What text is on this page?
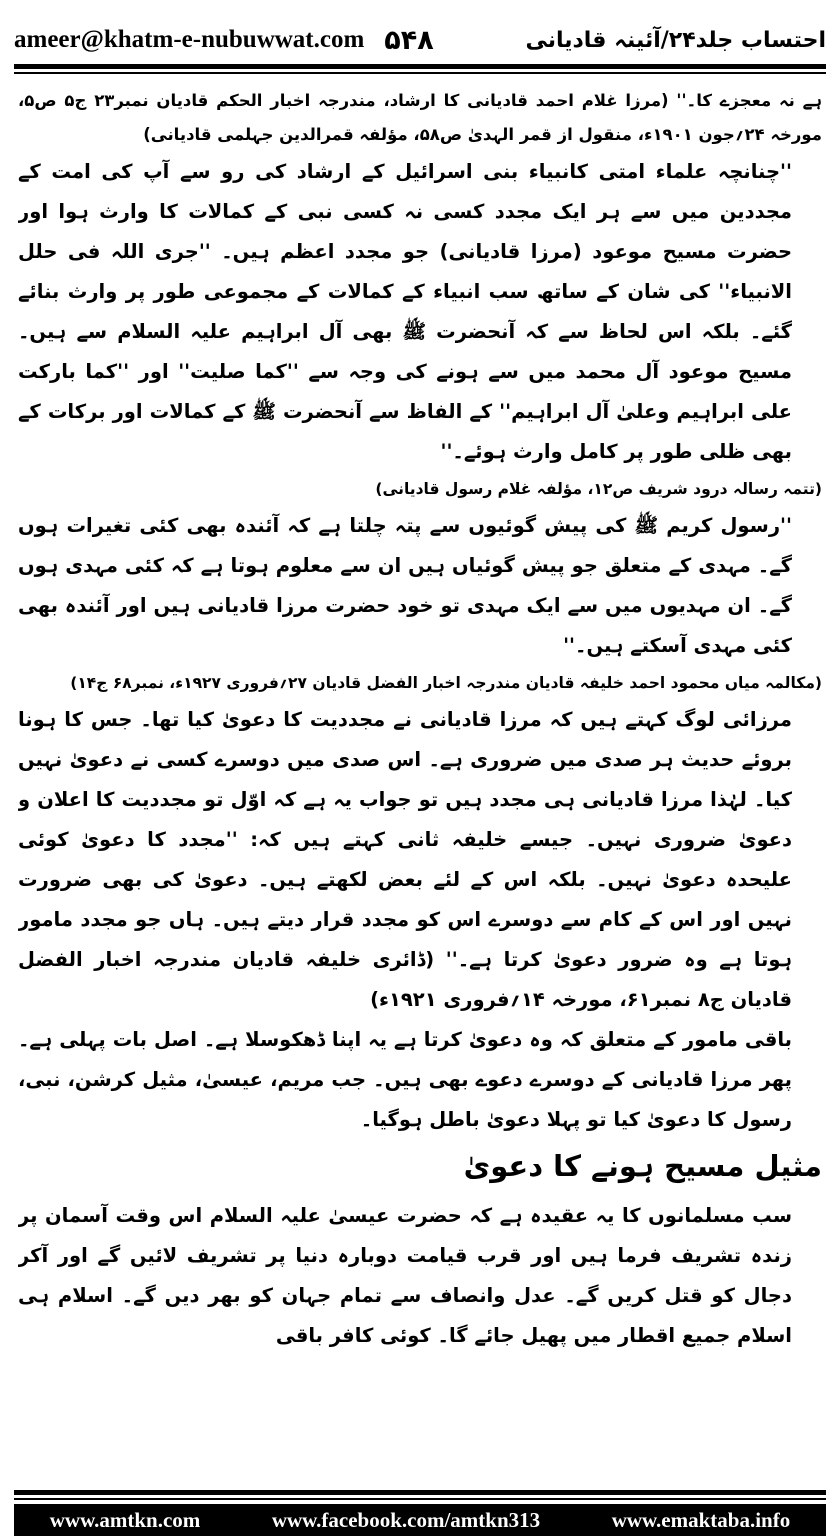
ameer@khatm-e-nubuwwat.com ۵۴۸	احتساب جلد۲۴/آئینہ قادیانی

ہے نہ معجزے کا۔'' (مرزا غلام احمد قادیانی کا ارشاد، مندرجہ اخبار الحکم قادیان نمبر۲۳ ج۵ ص۵، مورخہ ۲۴؍جون ۱۹۰۱ء، منقول از قمر الہدیٰ ص۵۸، مؤلفہ قمرالدین جہلمی قادیانی)

''چنانچہ علماء امتی کانبیاء بنی اسرائیل کے ارشاد کی رو سے آپ کی امت کے مجددین میں سے ہر ایک مجدد کسی نہ کسی نبی کے کمالات کا وارث ہوا اور حضرت مسیح موعود (مرزا قادیانی) جو مجدد اعظم ہیں۔ ''جری اللہ فی حلل الانبیاء'' کی شان کے ساتھ سب انبیاء کے کمالات کے مجموعی طور پر وارث بنائے گئے۔ بلکہ اس لحاظ سے کہ آنحضرت ﷺ بھی آل ابراہیم علیہ السلام سے ہیں۔ مسیح موعود آل محمد میں سے ہونے کی وجہ سے ''کما صلیت'' اور ''کما بارکت علی ابراہیم وعلیٰ آل ابراہیم'' کے الفاظ سے آنحضرت ﷺ کے کمالات اور برکات کے بھی ظلی طور پر کامل وارث ہوئے۔''

(تتمہ رسالہ درود شریف ص۱۲، مؤلفہ غلام رسول قادیانی)

''رسول کریم ﷺ کی پیش گوئیوں سے پتہ چلتا ہے کہ آئندہ بھی کئی تغیرات ہوں گے۔ مہدی کے متعلق جو پیش گوئیاں ہیں ان سے معلوم ہوتا ہے کہ کئی مہدی ہوں گے۔ ان مہدیوں میں سے ایک مہدی تو خود حضرت مرزا قادیانی ہیں اور آئندہ بھی کئی مہدی آسکتے ہیں۔''

(مکالمہ میاں محمود احمد خلیفہ قادیان مندرجہ اخبار الفضل قادیان ۲۷؍فروری ۱۹۲۷ء، نمبر۶۸ ج۱۴)

مرزائی لوگ کہتے ہیں کہ مرزا قادیانی نے مجددیت کا دعویٰ کیا تھا۔ جس کا ہونا بروئے حدیث ہر صدی میں ضروری ہے۔ اس صدی میں دوسرے کسی نے دعویٰ نہیں کیا۔ لہٰذا مرزا قادیانی ہی مجدد ہیں تو جواب یہ ہے کہ اوّل تو مجددیت کا اعلان و دعویٰ ضروری نہیں۔ جیسے خلیفہ ثانی کہتے ہیں کہ: ''مجدد کا دعویٰ کوئی علیحدہ دعویٰ نہیں۔ بلکہ اس کے لئے بعض لکھتے ہیں۔ دعویٰ کی بھی ضرورت نہیں اور اس کے کام سے دوسرے اس کو مجدد قرار دیتے ہیں۔ ہاں جو مجدد مامور ہوتا ہے وہ ضرور دعویٰ کرتا ہے۔'' (ڈائری خلیفہ قادیان مندرجہ اخبار الفضل قادیان ج۸ نمبر۶۱، مورخہ ۱۴؍فروری ۱۹۲۱ء)

باقی مامور کے متعلق کہ وہ دعویٰ کرتا ہے یہ اپنا ڈھکوسلا ہے۔ اصل بات پہلی ہے۔ پھر مرزا قادیانی کے دوسرے دعوے بھی ہیں۔ جب مریم، عیسیٰ، مثیل کرشن، نبی، رسول کا دعویٰ کیا تو پہلا دعویٰ باطل ہوگیا۔

مثیل مسیح ہونے کا دعویٰ

سب مسلمانوں کا یہ عقیدہ ہے کہ حضرت عیسیٰ علیہ السلام اس وقت آسمان پر زندہ تشریف فرما ہیں اور قرب قیامت دوبارہ دنیا پر تشریف لائیں گے اور آکر دجال کو قتل کریں گے۔ عدل وانصاف سے تمام جہان کو بھر دیں گے۔ اسلام ہی اسلام جمیع اقطار میں پھیل جائے گا۔ کوئی کافر باقی

www.amtkn.com	www.facebook.com/amtkn313	www.emaktaba.info
